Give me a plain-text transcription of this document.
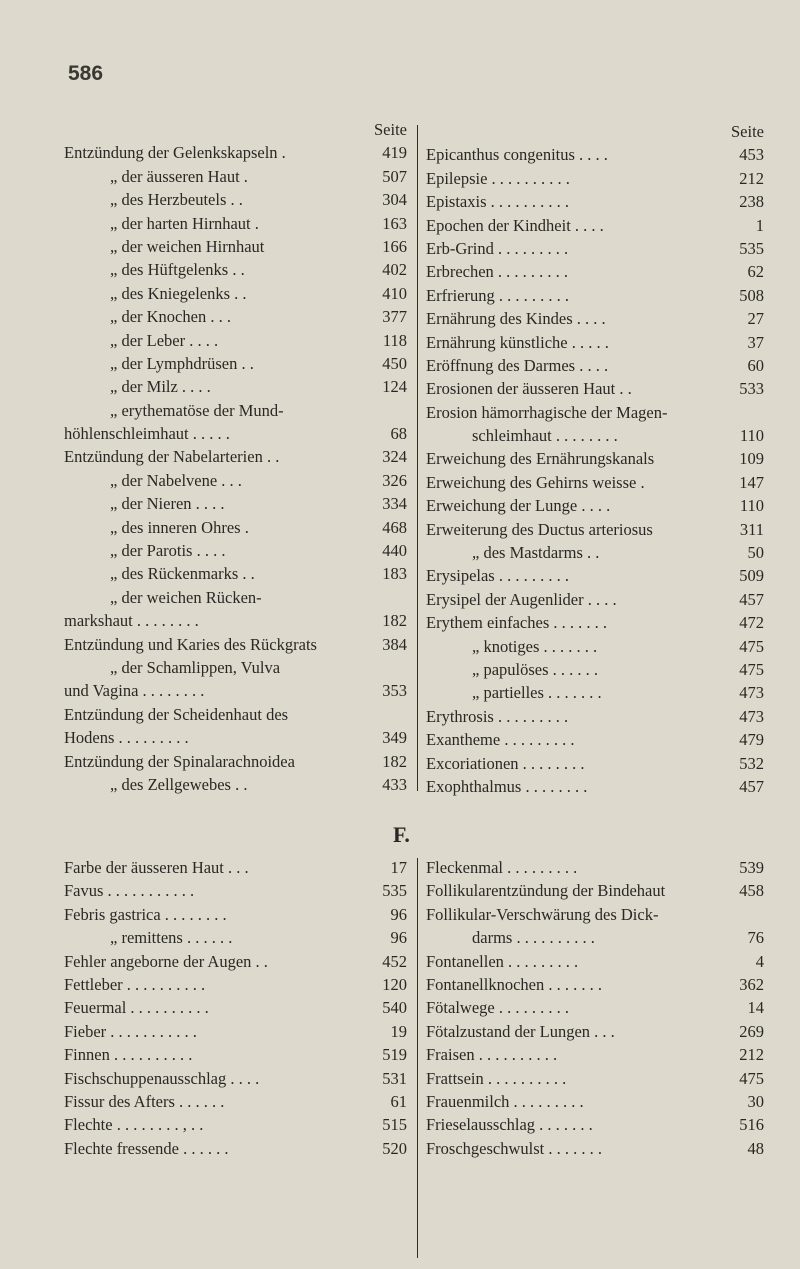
586
Seite
Entzündung der Gelenkskapseln .	419
„ der äusseren Haut .	507
„ des Herzbeutels . .	304
„ der harten Hirnhaut .	163
„ der weichen Hirnhaut	166
„ des Hüftgelenks . .	402
„ des Kniegelenks . .	410
„ der Knochen . . .	377
„ der Leber . . . .	118
„ der Lymphdrüsen . .	450
„ der Milz . . . .	124
„ erythematöse der Mund-
höhlenschleimhaut . . . . .	68
Entzündung der Nabelarterien . .	324
„ der Nabelvene . . .	326
„ der Nieren . . . .	334
„ des inneren Ohres .	468
„ der Parotis . . . .	440
„ des Rückenmarks . .	183
„ der weichen Rücken-
markshaut . . . . . . . .	182
Entzündung und Karies des Rückgrats	384
„ der Schamlippen, Vulva
und Vagina . . . . . . . .	353
Entzündung der Scheidenhaut des
Hodens . . . . . . . . .	349
Entzündung der Spinalarachnoidea	182
„ des Zellgewebes . .	433
Seite
Epicanthus congenitus . . . .	453
Epilepsie . . . . . . . . . .	212
Epistaxis . . . . . . . . . .	238
Epochen der Kindheit . . . .	1
Erb-Grind . . . . . . . . .	535
Erbrechen . . . . . . . . .	62
Erfrierung . . . . . . . . .	508
Ernährung des Kindes . . . .	27
Ernährung künstliche . . . . .	37
Eröffnung des Darmes . . . .	60
Erosionen der äusseren Haut . .	533
Erosion hämorrhagische der Magen-
schleimhaut . . . . . . . .	110
Erweichung des Ernährungskanals	109
Erweichung des Gehirns weisse .	147
Erweichung der Lunge . . . .	110
Erweiterung des Ductus arteriosus	311
„ des Mastdarms . .	50
Erysipelas . . . . . . . . .	509
Erysipel der Augenlider . . . .	457
Erythem einfaches . . . . . . .	472
„ knotiges . . . . . . .	475
„ papulöses . . . . . .	475
„ partielles . . . . . . .	473
Erythrosis . . . . . . . . .	473
Exantheme . . . . . . . . .	479
Excoriationen . . . . . . . .	532
Exophthalmus . . . . . . . .	457
F.
Farbe der äusseren Haut . . .	17
Favus . . . . . . . . . . .	535
Febris gastrica . . . . . . . .	96
„ remittens . . . . . .	96
Fehler angeborne der Augen . .	452
Fettleber . . . . . . . . . .	120
Feuermal . . . . . . . . . .	540
Fieber . . . . . . . . . . .	19
Finnen . . . . . . . . . .	519
Fischschuppenausschlag . . . .	531
Fissur des Afters . . . . . .	61
Flechte . . . . . . . . , . .	515
Flechte fressende . . . . . .	520
Fleckenmal . . . . . . . . .	539
Follikularentzündung der Bindehaut	458
Follikular-Verschwärung des Dick-
darms . . . . . . . . . .	76
Fontanellen . . . . . . . . .	4
Fontanellknochen . . . . . . .	362
Fötalwege . . . . . . . . .	14
Fötalzustand der Lungen . . .	269
Fraisen . . . . . . . . . .	212
Frattsein . . . . . . . . . .	475
Frauenmilch . . . . . . . . .	30
Frieselausschlag . . . . . . .	516
Froschgeschwulst . . . . . . .	48
